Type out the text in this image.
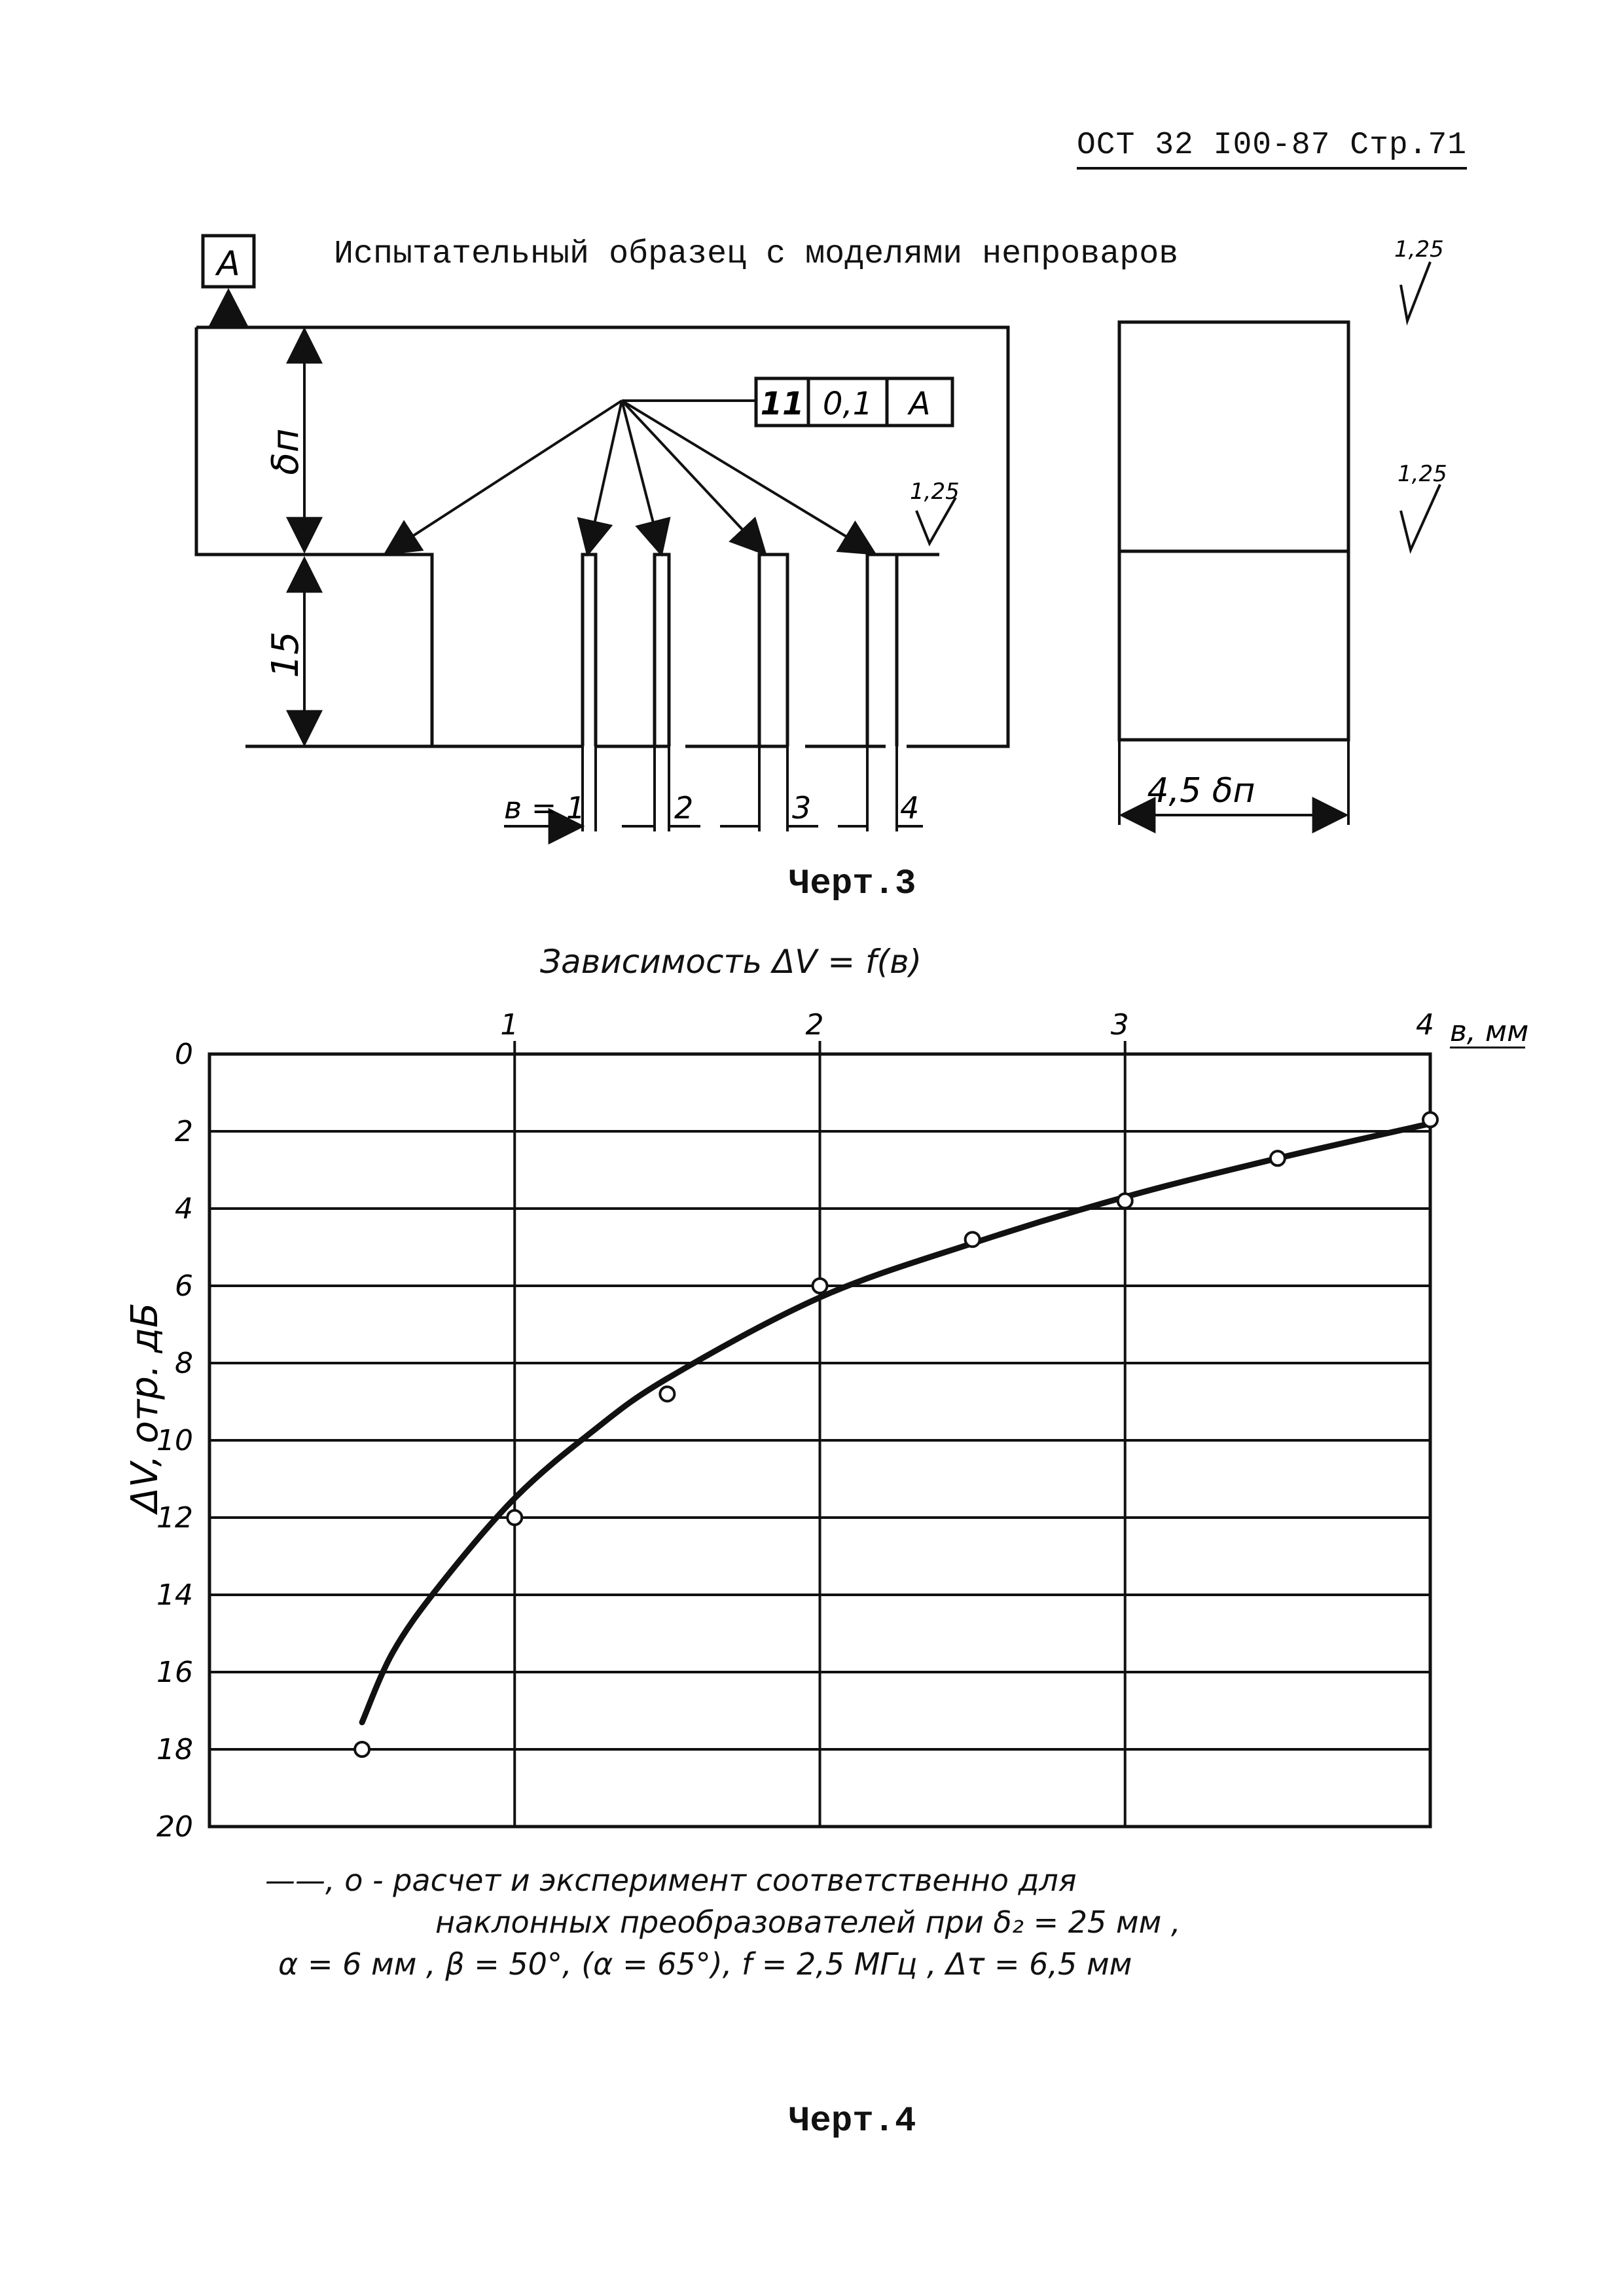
ОСТ 32 I00-87 Стр.71
Испытательный образец с моделями непроваров
A
δп
15
11 0,1 A
1,25
1,25
1,25
4,5 δп
в = 1	2	3	4
Черт.3
Зависимость ΔV = f(в)
0
2
4
6
8
10
12
14
16
18
20
1	2	3	4
ΔV, отр. дБ
в, мм
——, o - расчет и эксперимент соответственно для
наклонных преобразователей при δ₂ = 25 мм ,
α = 6 мм , β = 50°, (α = 65°), f = 2,5 МГц , Δτ = 6,5 мм
Черт.4
